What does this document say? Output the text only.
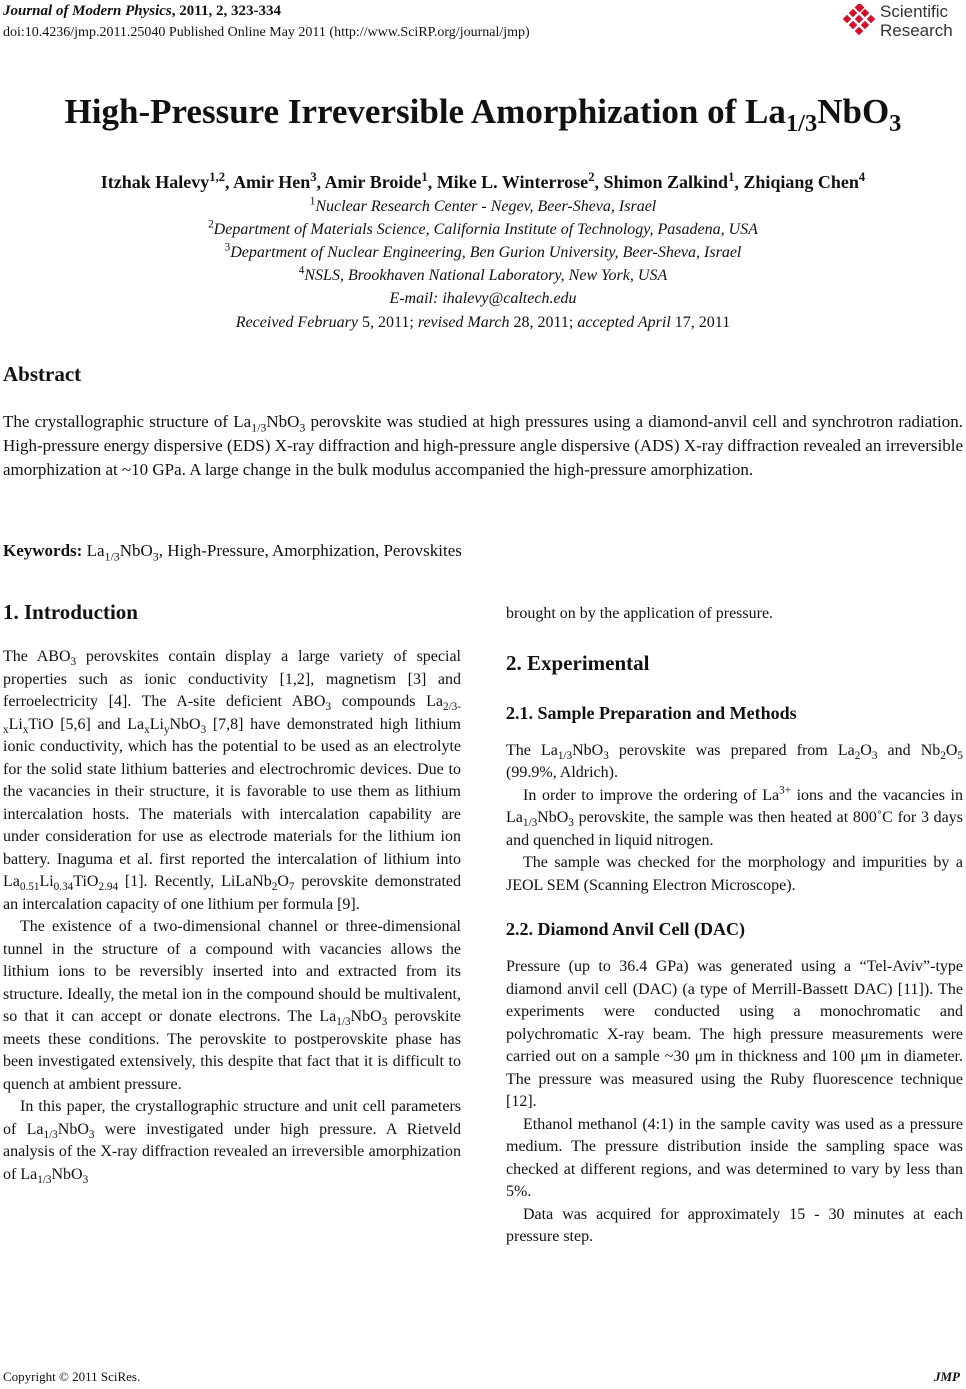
Journal of Modern Physics, 2011, 2, 323-334
doi:10.4236/jmp.2011.25040 Published Online May 2011 (http://www.SciRP.org/journal/jmp)
Scientific
Research
High-Pressure Irreversible Amorphization of $La_{1/3}NbO_3$
Itzhak Halevy$^{1,2}$, Amir Hen$^3$, Amir Broide$^1$, Mike L. Winterrose$^2$, Shimon Zalkind$^1$, Zhiqiang Chen$^4$
$^1$Nuclear Research Center - Negev, Beer-Sheva, Israel
$^2$Department of Materials Science, California Institute of Technology, Pasadena, USA
$^3$Department of Nuclear Engineering, Ben Gurion University, Beer-Sheva, Israel
$^4$NSLS, Brookhaven National Laboratory, New York, USA
E-mail: ihalevy@caltech.edu
Received February 5, 2011; revised March 28, 2011; accepted April 17, 2011
Abstract
The crystallographic structure of $La_{1/3}NbO_3$ perovskite was studied at high pressures using a diamond-anvil cell and synchrotron radiation. High-pressure energy dispersive (EDS) X-ray diffraction and high-pressure angle dispersive (ADS) X-ray diffraction revealed an irreversible amorphization at ~10 GPa. A large change in the bulk modulus accompanied the high-pressure amorphization.
Keywords: $La_{1/3}NbO_3$, High-Pressure, Amorphization, Perovskites
1. Introduction
The $ABO_3$ perovskites contain display a large variety of special properties such as ionic conductivity [1,2], magnetism [3] and ferroelectricity [4]. The A-site deficient $ABO_3$ compounds $La_{2/3-x}Li_xTiO$ [5,6] and $La_xLi_yNbO_3$ [7,8] have demonstrated high lithium ionic conductivity, which has the potential to be used as an electrolyte for the solid state lithium batteries and electrochromic devices. Due to the vacancies in their structure, it is favorable to use them as lithium intercalation hosts. The materials with intercalation capability are under consideration for use as electrode materials for the lithium ion battery. Inaguma et al. first reported the intercalation of lithium into $La_{0.51}Li_{0.34}TiO_{2.94}$ [1]. Recently, $LiLaNb_2O_7$ perovskite demonstrated an intercalation capacity of one lithium per formula [9].
The existence of a two-dimensional channel or three-dimensional tunnel in the structure of a compound with vacancies allows the lithium ions to be reversibly inserted into and extracted from its structure. Ideally, the metal ion in the compound should be multivalent, so that it can accept or donate electrons. The $La_{1/3}NbO_3$ perovskite meets these conditions. The perovskite to postperovskite phase has been investigated extensively, this despite that fact that it is difficult to quench at ambient pressure.
In this paper, the crystallographic structure and unit cell parameters of $La_{1/3}NbO_3$ were investigated under high pressure. A Rietveld analysis of the X-ray diffraction revealed an irreversible amorphization of $La_{1/3}NbO_3$
brought on by the application of pressure.
2. Experimental
2.1. Sample Preparation and Methods
The $La_{1/3}NbO_3$ perovskite was prepared from $La_2O_3$ and $Nb_2O_5$ (99.9%, Aldrich).
In order to improve the ordering of $La^{3+}$ ions and the vacancies in $La_{1/3}NbO_3$ perovskite, the sample was then heated at 800˚C for 3 days and quenched in liquid nitrogen.
The sample was checked for the morphology and impurities by a JEOL SEM (Scanning Electron Microscope).
2.2. Diamond Anvil Cell (DAC)
Pressure (up to 36.4 GPa) was generated using a “Tel-Aviv”-type diamond anvil cell (DAC) (a type of Merrill-Bassett DAC) [11]). The experiments were conducted using a monochromatic and polychromatic X-ray beam. The high pressure measurements were carried out on a sample ~30 μm in thickness and 100 μm in diameter. The pressure was measured using the Ruby fluorescence technique [12].
Ethanol methanol (4:1) in the sample cavity was used as a pressure medium. The pressure distribution inside the sampling space was checked at different regions, and was determined to vary by less than 5%.
Data was acquired for approximately 15 - 30 minutes at each pressure step.
Copyright © 2011 SciRes.	JMP
